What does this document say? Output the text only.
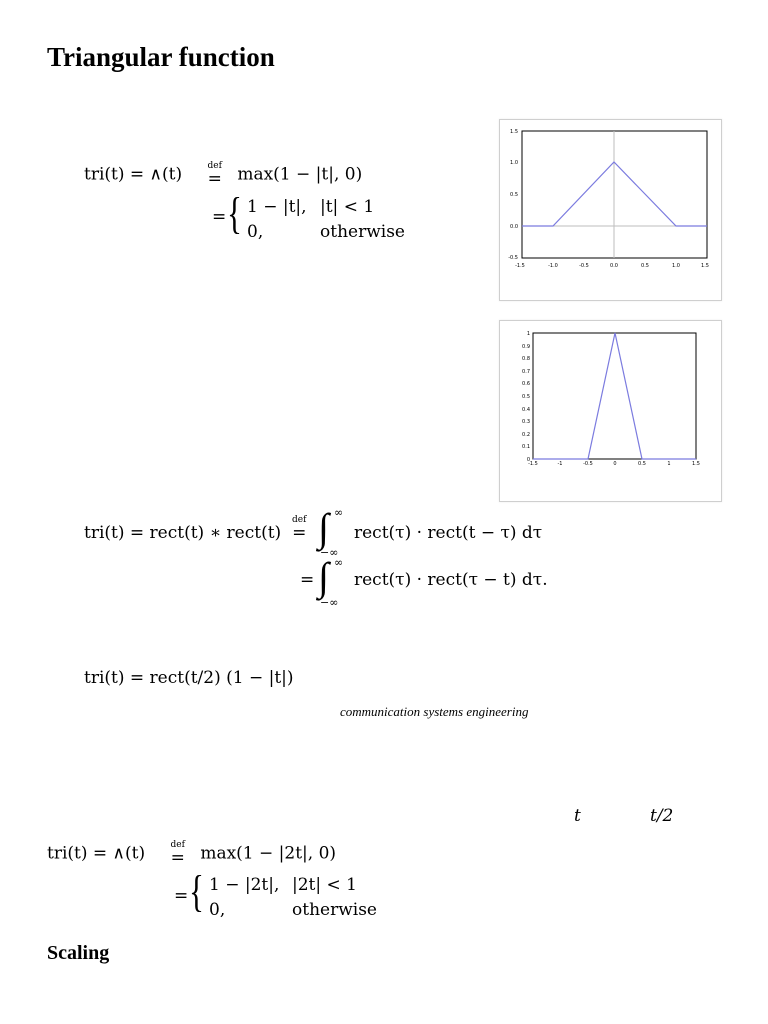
Triangular function
tri(t) = ∧(t)	def
= max(1 − |t|, 0)
= { 1 − |t|, |t| < 1
0,	otherwise
-1.5	-1.0	-0.5	0.0	0.5	1.0	1.5
1.5
1.0
0.5
0.0
-0.5
-1.5	-1	-0.5	0	0.5	1	1.5
1
0.9
0.8
0.7
0.6
0.5
0.4
0.3
0.2
0.1
0
tri(t) = rect(t) ∗ rect(t)
def
= ∫ ∞
−∞
rect(τ) · rect(t − τ) dτ
= ∫ ∞
−∞
rect(τ) · rect(τ − t) dτ.
tri(t) = rect(t/2) (1 − |t|)
communication systems engineering
t	t/2
tri(t) = ∧(t)	def
= max(1 − |2t|, 0)
= { 1 − |2t|, |2t| < 1
0,	otherwise
Scaling
